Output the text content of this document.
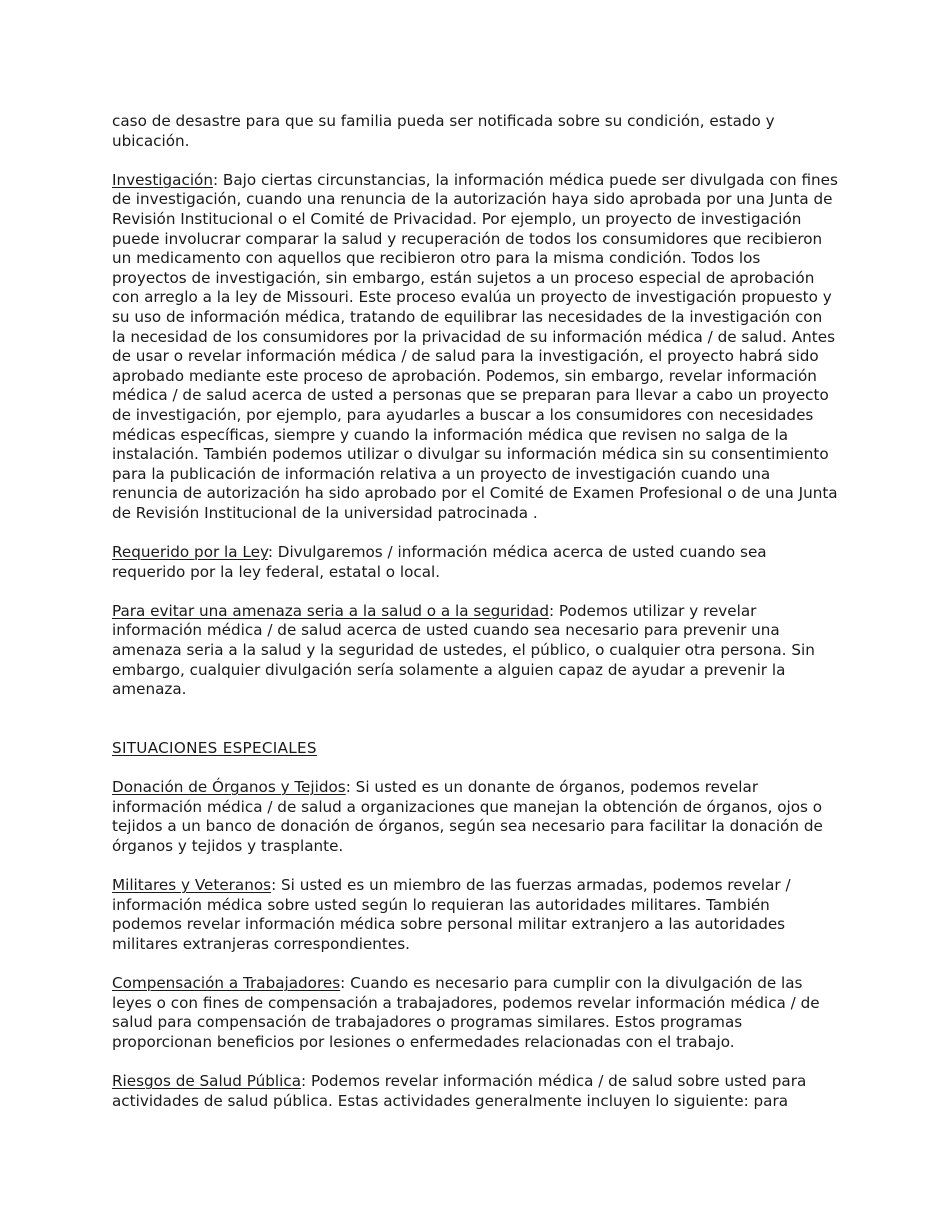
caso de desastre para que su familia pueda ser notificada sobre su condición, estado y ubicación.

Investigación: Bajo ciertas circunstancias, la información médica puede ser divulgada con fines de investigación, cuando una renuncia de la autorización haya sido aprobada por una Junta de Revisión Institucional o el Comité de Privacidad. Por ejemplo, un proyecto de investigación puede involucrar comparar la salud y recuperación de todos los consumidores que recibieron un medicamento con aquellos que recibieron otro para la misma condición. Todos los proyectos de investigación, sin embargo, están sujetos a un proceso especial de aprobación con arreglo a la ley de Missouri. Este proceso evalúa un proyecto de investigación propuesto y su uso de información médica, tratando de equilibrar las necesidades de la investigación con la necesidad de los consumidores por la privacidad de su información médica / de salud. Antes de usar o revelar información médica / de salud para la investigación, el proyecto habrá sido aprobado mediante este proceso de aprobación. Podemos, sin embargo, revelar información médica / de salud acerca de usted a personas que se preparan para llevar a cabo un proyecto de investigación, por ejemplo, para ayudarles a buscar a los consumidores con necesidades médicas específicas, siempre y cuando la información médica que revisen no salga de la instalación. También podemos utilizar o divulgar su información médica sin su consentimiento para la publicación de información relativa a un proyecto de investigación cuando una renuncia de autorización ha sido aprobado por el Comité de Examen Profesional o de una Junta de Revisión Institucional de la universidad patrocinada .

Requerido por la Ley: Divulgaremos / información médica acerca de usted cuando sea requerido por la ley federal, estatal o local.

Para evitar una amenaza seria a la salud o a la seguridad: Podemos utilizar y revelar información médica / de salud acerca de usted cuando sea necesario para prevenir una amenaza seria a la salud y la seguridad de ustedes, el público, o cualquier otra persona. Sin embargo, cualquier divulgación sería solamente a alguien capaz de ayudar a prevenir la amenaza.

SITUACIONES ESPECIALES

Donación de Órganos y Tejidos: Si usted es un donante de órganos, podemos revelar información médica / de salud a organizaciones que manejan la obtención de órganos, ojos o tejidos a un banco de donación de órganos, según sea necesario para facilitar la donación de órganos y tejidos y trasplante.

Militares y Veteranos: Si usted es un miembro de las fuerzas armadas, podemos revelar / información médica sobre usted según lo requieran las autoridades militares. También podemos revelar información médica sobre personal militar extranjero a las autoridades militares extranjeras correspondientes.

Compensación a Trabajadores: Cuando es necesario para cumplir con la divulgación de las leyes o con fines de compensación a trabajadores, podemos revelar información médica / de salud para compensación de trabajadores o programas similares. Estos programas proporcionan beneficios por lesiones o enfermedades relacionadas con el trabajo.

Riesgos de Salud Pública: Podemos revelar información médica / de salud sobre usted para actividades de salud pública. Estas actividades generalmente incluyen lo siguiente: para
